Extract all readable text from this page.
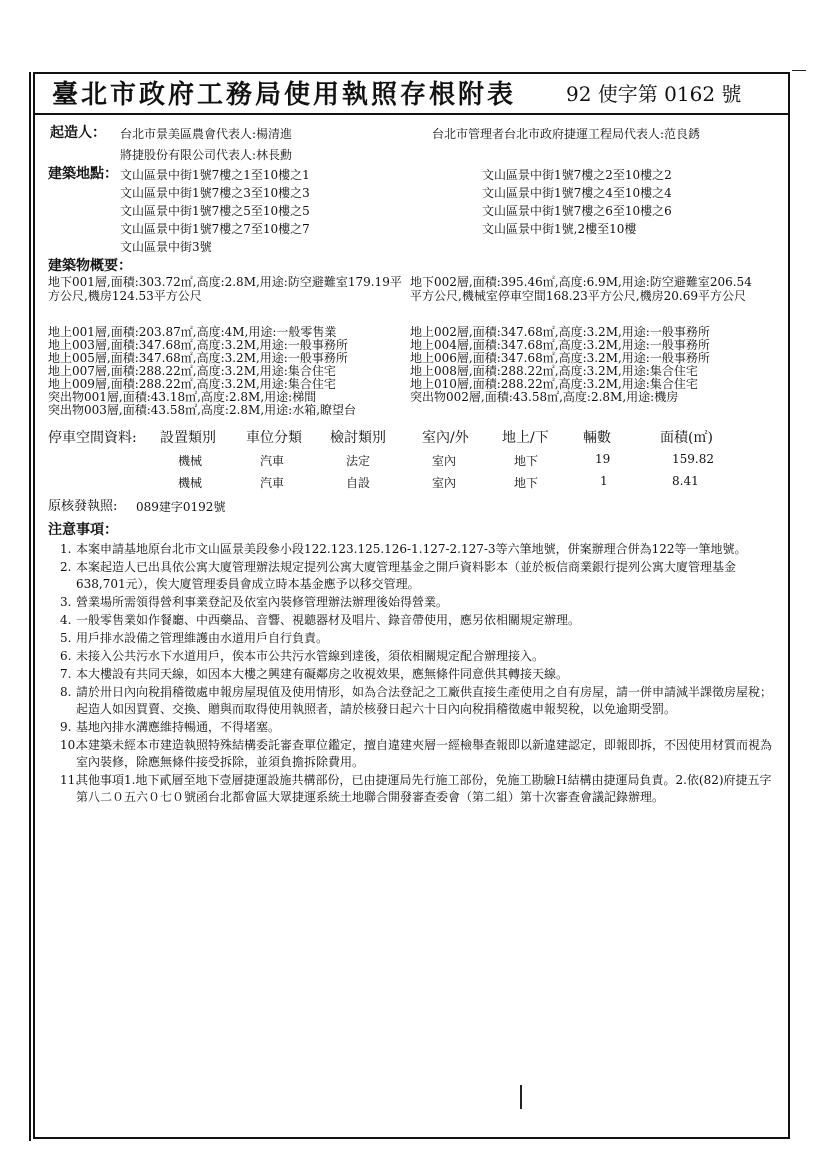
臺北市政府工務局使用執照存根附表 92 使字第 0162 號
起造人： 台北市景美區農會代表人:楊清進
將捷股份有限公司代表人:林長勳
台北市管理者台北市政府捷運工程局代表人:范良銹
建築地點： 文山區景中街1號7樓之1至10樓之1
文山區景中街1號7樓之3至10樓之3
文山區景中街1號7樓之5至10樓之5
文山區景中街1號7樓之7至10樓之7
文山區景中街3號
文山區景中街1號7樓之2至10樓之2
文山區景中街1號7樓之4至10樓之4
文山區景中街1號7樓之6至10樓之6
文山區景中街1號,2樓至10樓
建築物概要：
地下001層,面積:303.72㎡,高度:2.8M,用途:防空避難室179.19平方公尺,機房124.53平方公尺
地下002層,面積:395.46㎡,高度:6.9M,用途:防空避難室206.54平方公尺,機械室停車空間168.23平方公尺,機房20.69平方公尺
地上001層,面積:203.87㎡,高度:4M,用途:一般零售業
地上003層,面積:347.68㎡,高度:3.2M,用途:一般事務所
地上005層,面積:347.68㎡,高度:3.2M,用途:一般事務所
地上007層,面積:288.22㎡,高度:3.2M,用途:集合住宅
地上009層,面積:288.22㎡,高度:3.2M,用途:集合住宅
突出物001層,面積:43.18㎡,高度:2.8M,用途:梯間
突出物003層,面積:43.58㎡,高度:2.8M,用途:水箱,瞭望台
地上002層,面積:347.68㎡,高度:3.2M,用途:一般事務所
地上004層,面積:347.68㎡,高度:3.2M,用途:一般事務所
地上006層,面積:347.68㎡,高度:3.2M,用途:一般事務所
地上008層,面積:288.22㎡,高度:3.2M,用途:集合住宅
地上010層,面積:288.22㎡,高度:3.2M,用途:集合住宅
突出物002層,面積:43.58㎡,高度:2.8M,用途:機房
停車空間資料: 設置類別 車位分類 檢討類別	室內/外 地上/下 輛數	面積(㎡)
機械	汽車	法定	室內	地下	19	159.82
機械	汽車	自設	室內	地下	1	8.41
原核發執照: 089建字0192號
注意事項：
1. 本案申請基地原台北市文山區景美段參小段122.123.125.126-1.127-2.127-3等六筆地號，併案辦理合併為122等一筆地號。
2. 本案起造人已出具依公寓大廈管理辦法規定提列公寓大廈管理基金之開戶資料影本（並於板信商業銀行提列公寓大廈管理基金638,701元），俟大廈管理委員會成立時本基金應予以移交管理。
3. 營業場所需領得營利事業登記及依室內裝修管理辦法辦理後始得營業。
4. 一般零售業如作餐廳、中西藥品、音響、視聽器材及唱片、錄音帶使用，應另依相關規定辦理。
5. 用戶排水設備之管理維護由水道用戶自行負責。
6. 未接入公共污水下水道用戶，俟本市公共污水管線到達後，須依相關規定配合辦理接入。
7. 本大樓設有共同天線，如因本大樓之興建有礙鄰房之收視效果，應無條件同意供其轉接天線。
8. 請於卅日內向稅捐稽徵處申報房屋現值及使用情形，如為合法登記之工廠供直接生產使用之自有房屋，請一併申請減半課徵房屋稅；起造人如因買賣、交換、贈與而取得使用執照者，請於核發日起六十日內向稅捐稽徵處申報契稅，以免逾期受罰。
9. 基地內排水溝應維持暢通，不得堵塞。
10.
本建築未經本市建造執照特殊結構委託審查單位鑑定，擅自違建夾層一經檢舉查報即以新違建認定，即報即拆，不因使用材質而視為室內裝修，除應無條件接受拆除，並須負擔拆除費用。
11.
其他事項1.地下貳層至地下壹層捷運設施共構部份，已由捷運局先行施工部份，免施工勘驗Ｈ結構由捷運局負責。2.依(82)府捷五字第八二０五六０七０號函台北都會區大眾捷運系統土地聯合開發審查委會（第二組）第十次審查會議記錄辦理。
